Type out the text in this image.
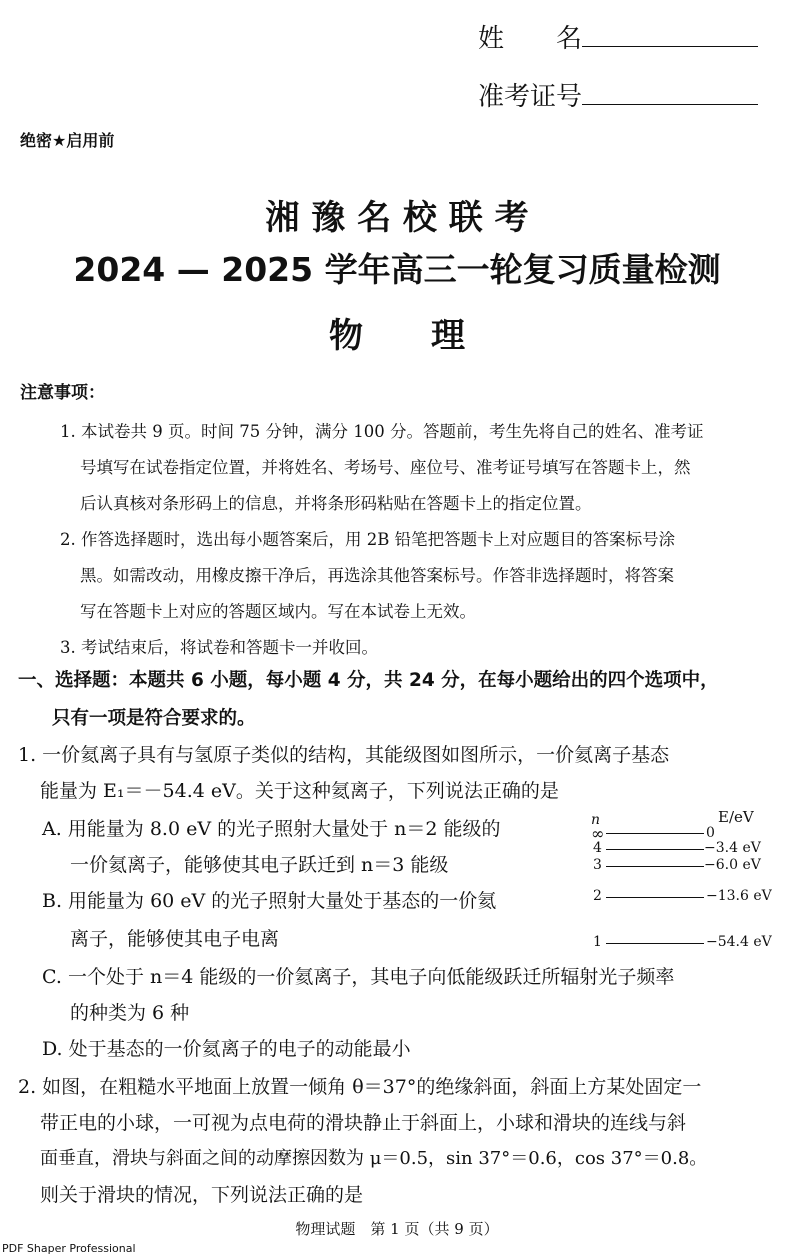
姓　　名
准考证号
绝密★启用前
湘 豫 名 校 联 考
2024 — 2025 学年高三一轮复习质量检测
物　　理
注意事项：

1. 本试卷共 9 页。时间 75 分钟，满分 100 分。答题前，考生先将自己的姓名、准考证

号填写在试卷指定位置，并将姓名、考场号、座位号、准考证号填写在答题卡上，然

后认真核对条形码上的信息，并将条形码粘贴在答题卡上的指定位置。

2. 作答选择题时，选出每小题答案后，用 2B 铅笔把答题卡上对应题目的答案标号涂

黑。如需改动，用橡皮擦干净后，再选涂其他答案标号。作答非选择题时，将答案

写在答题卡上对应的答题区域内。写在本试卷上无效。

3. 考试结束后，将试卷和答题卡一并收回。

一、选择题：本题共 6 小题，每小题 4 分，共 24 分，在每小题给出的四个选项中，
只有一项是符合要求的。
1. 一价氦离子具有与氢原子类似的结构，其能级图如图所示，一价氦离子基态
能量为 E₁＝－54.4 eV。关于这种氦离子，下列说法正确的是
A. 用能量为 8.0 eV 的光子照射大量处于 n＝2 能级的
一价氦离子，能够使其电子跃迁到 n＝3 能级
B. 用能量为 60 eV 的光子照射大量处于基态的一价氦
离子，能够使其电子电离
C. 一个处于 n＝4 能级的一价氦离子，其电子向低能级跃迁所辐射光子频率
的种类为 6 种
D. 处于基态的一价氦离子的电子的动能最小
n	E/eV
∞	0
4	−3.4 eV
3	−6.0 eV
2	−13.6 eV
1	−54.4 eV
2. 如图，在粗糙水平地面上放置一倾角 θ＝37°的绝缘斜面，斜面上方某处固定一
带正电的小球，一可视为点电荷的滑块静止于斜面上，小球和滑块的连线与斜
面垂直，滑块与斜面之间的动摩擦因数为 μ＝0.5，sin 37°＝0.6，cos 37°＝0.8。
则关于滑块的情况，下列说法正确的是
物理试题　第 1 页（共 9 页）
PDF Shaper Professional
